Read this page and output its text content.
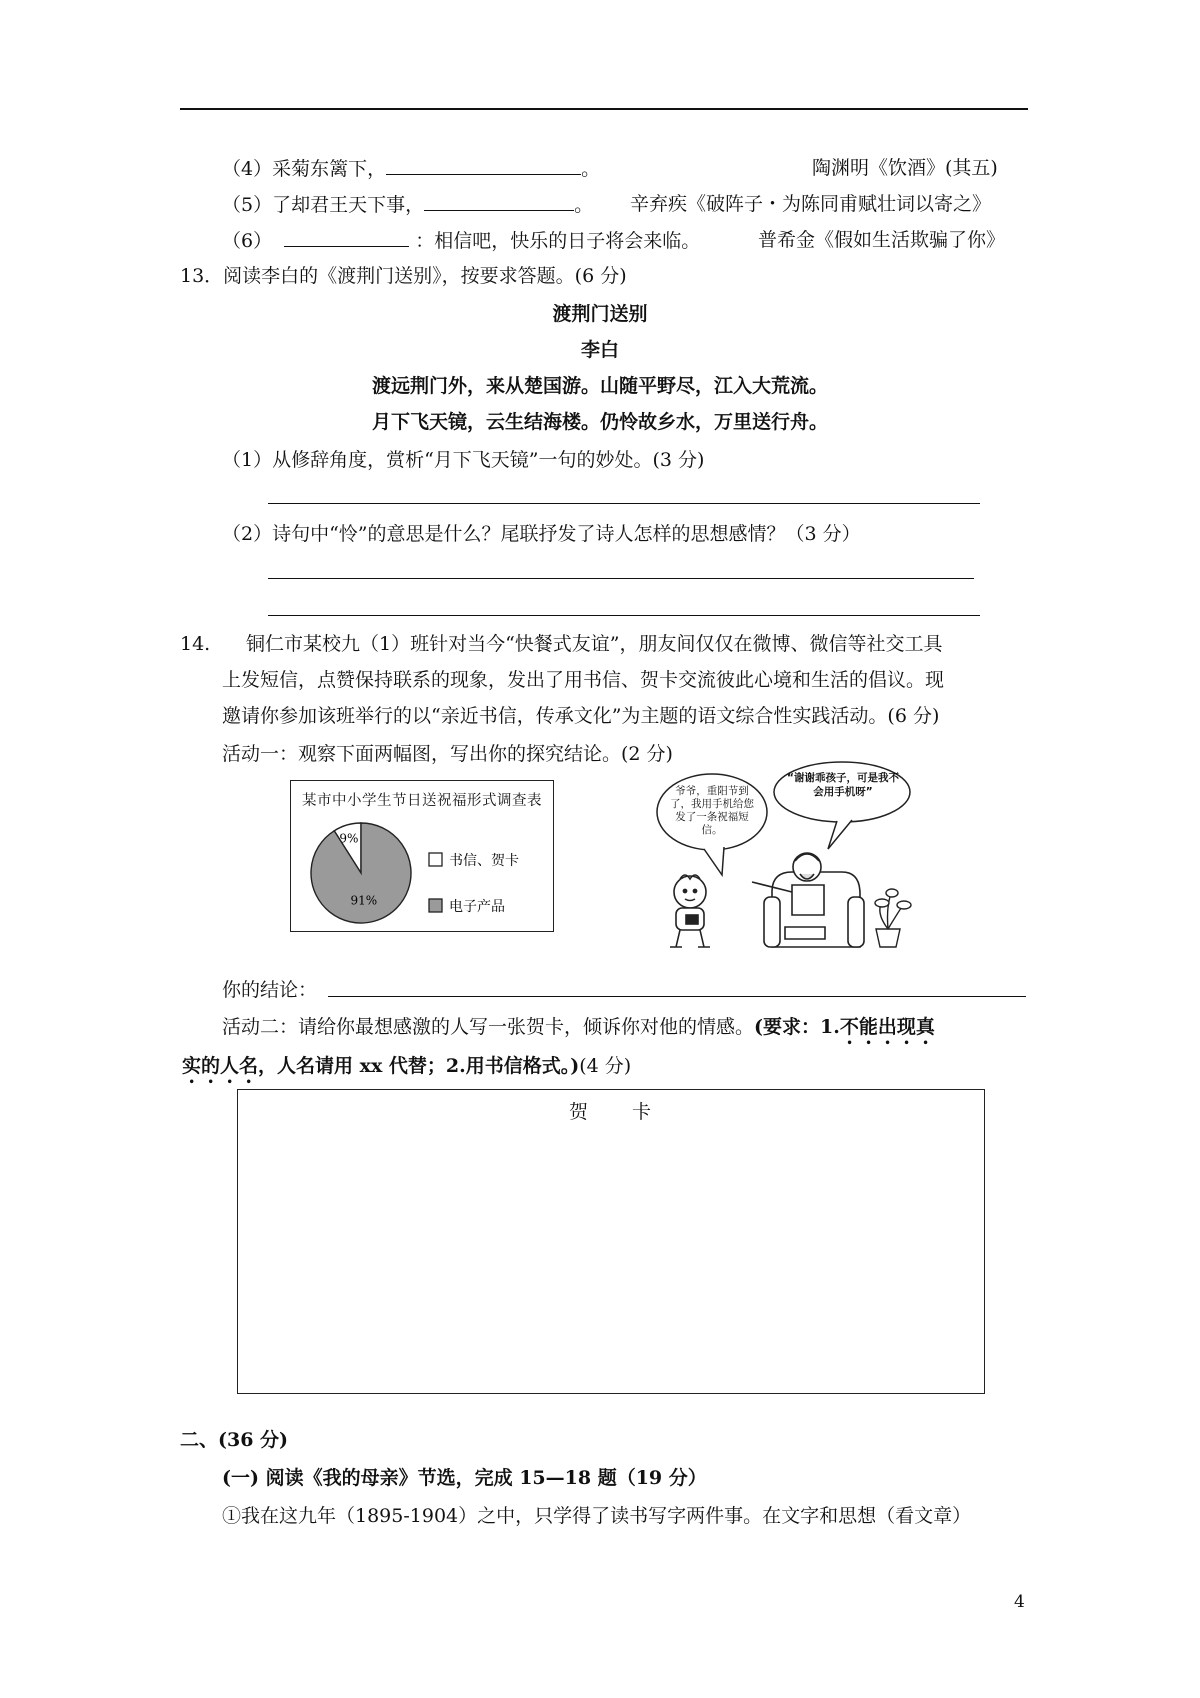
（4）采菊东篱下，	。	陶渊明《饮酒》(其五)
（5）了却君王天下事，	。 辛弃疾《破阵子・为陈同甫赋壮词以寄之》
（6）	：相信吧，快乐的日子将会来临。	普希金《假如生活欺骗了你》
13．阅读李白的《渡荆门送别》，按要求答题。(6 分)
渡荆门送别
李白
渡远荆门外，来从楚国游。山随平野尽，江入大荒流。
月下飞天镜，云生结海楼。仍怜故乡水，万里送行舟。
（1）从修辞角度，赏析“月下飞天镜”一句的妙处。(3 分)
（2）诗句中“怜”的意思是什么？尾联抒发了诗人怎样的思想感情？（3 分）
14. 铜仁市某校九（1）班针对当今“快餐式友谊”，朋友间仅仅在微博、微信等社交工具
上发短信，点赞保持联系的现象，发出了用书信、贺卡交流彼此心境和生活的倡议。现
邀请你参加该班举行的以“亲近书信，传承文化”为主题的语文综合性实践活动。(6 分)
活动一：观察下面两幅图，写出你的探究结论。(2 分)
某市中小学生节日送祝福形式调查表
9%
91%
书信、贺卡
电子产品
爷爷，重阳节到了，我用手机给您发了一条祝福短信。
“谢谢乖孩子，可是我不会用手机呀”
你的结论：
活动二：请给你最想感激的人写一张贺卡，倾诉你对他的情感。(要求：1.不能出现真
实的人名，人名请用 xx 代替；2.用书信格式。)(4 分)
贺　　卡
二、(36 分)
(一) 阅读《我的母亲》节选，完成 15—18 题（19 分）
①我在这九年（1895-1904）之中，只学得了读书写字两件事。在文字和思想（看文章）
4
